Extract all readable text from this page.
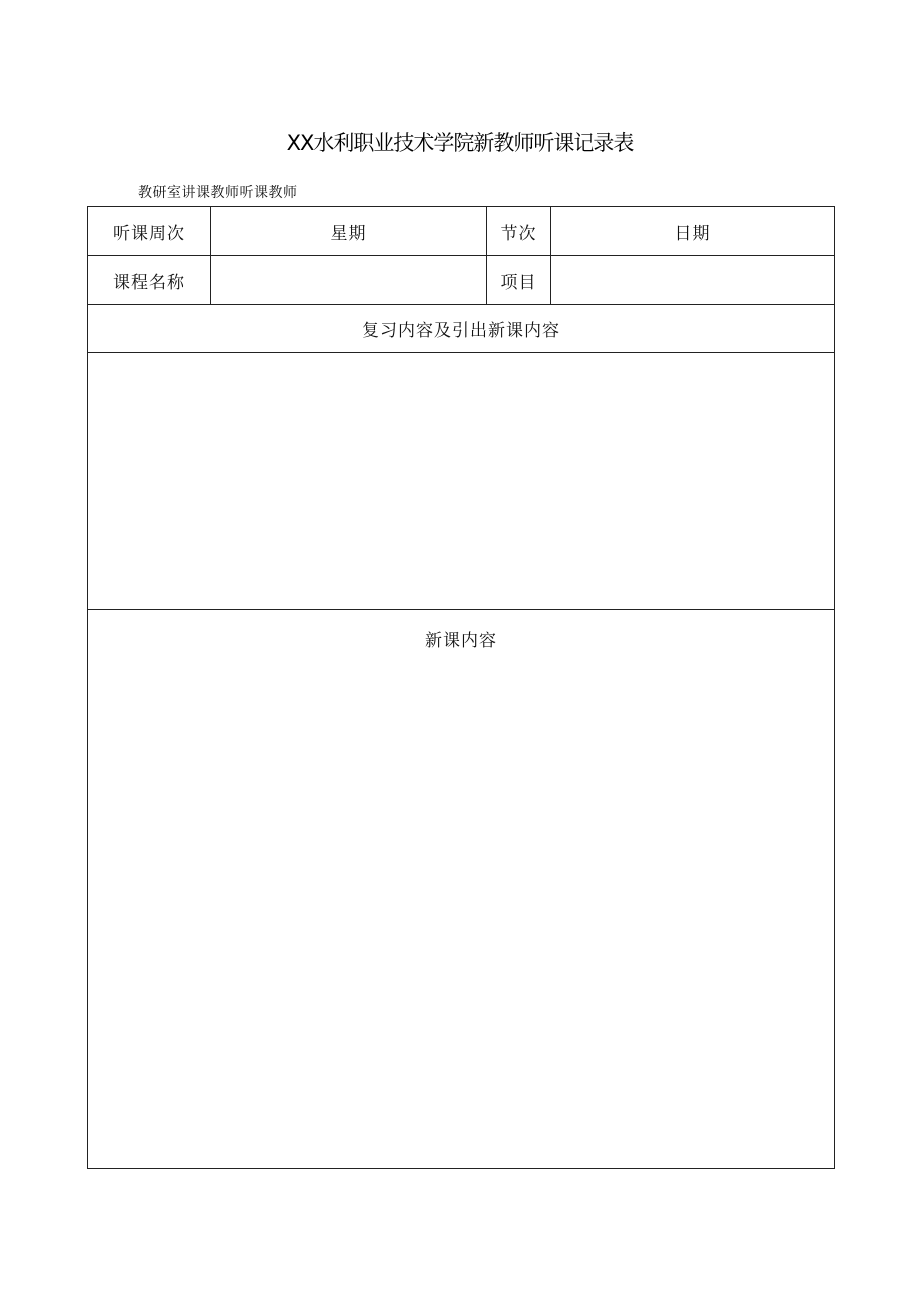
XX水利职业技术学院新教师听课记录表
教研室讲课教师听课教师
听课周次	星期	节次	日期
课程名称		项目	
复习内容及引出新课内容			

新课内容			
